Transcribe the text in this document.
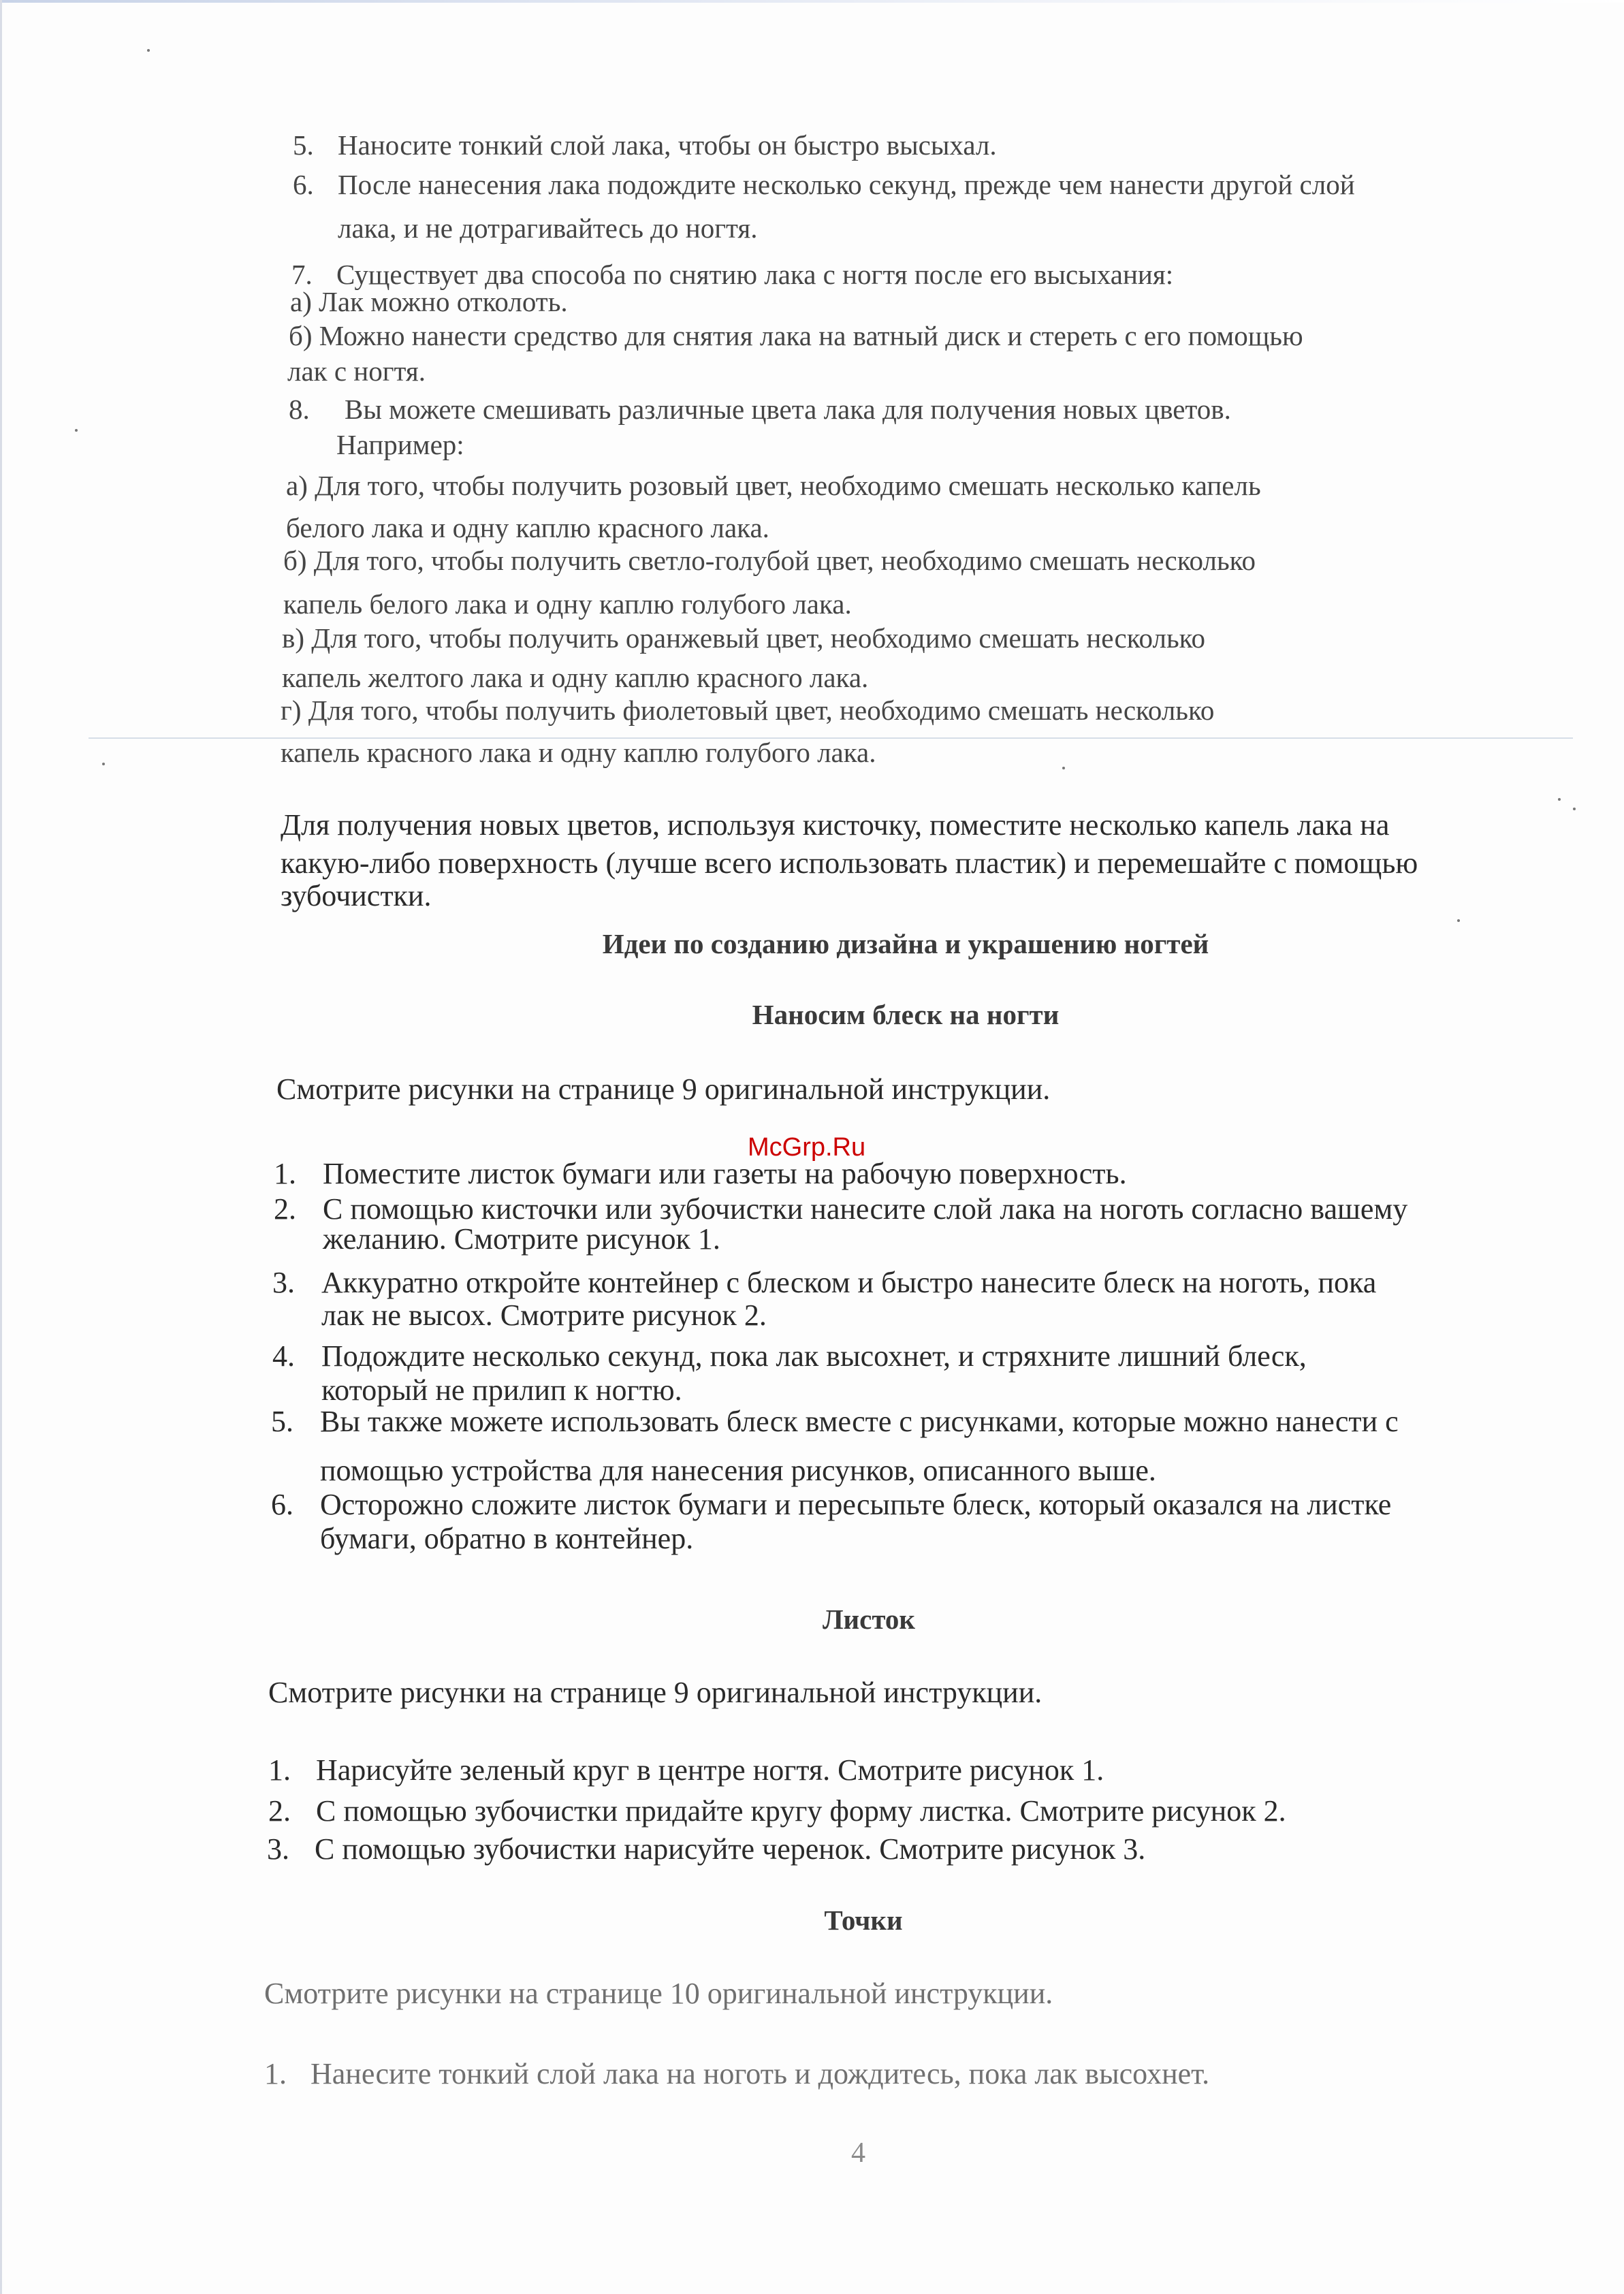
5. Наносите тонкий слой лака, чтобы он быстро высыхал.
6. После нанесения лака подождите несколько секунд, прежде чем нанести другой слой
лака, и не дотрагивайтесь до ногтя.
7. Существует два способа по снятию лака с ногтя после его высыхания:
а) Лак можно отколоть.
б) Можно нанести средство для снятия лака на ватный диск и стереть с его помощью
лак с ногтя.
8. Вы можете смешивать различные цвета лака для получения новых цветов.
Например:
а) Для того, чтобы получить розовый цвет, необходимо смешать несколько капель
белого лака и одну каплю красного лака.
б) Для того, чтобы получить светло-голубой цвет, необходимо смешать несколько
капель белого лака и одну каплю голубого лака.
в) Для того, чтобы получить оранжевый цвет, необходимо смешать несколько
капель желтого лака и одну каплю красного лака.
г) Для того, чтобы получить фиолетовый цвет, необходимо смешать несколько
капель красного лака и одну каплю голубого лака.
Для получения новых цветов, используя кисточку, поместите несколько капель лака на
какую-либо поверхность (лучше всего использовать пластик) и перемешайте с помощью
зубочистки.
Идеи по созданию дизайна и украшению ногтей
Наносим блеск на ногти
Смотрите рисунки на странице 9 оригинальной инструкции.
McGrp.Ru
1. Поместите листок бумаги или газеты на рабочую поверхность.
2. С помощью кисточки или зубочистки нанесите слой лака на ноготь согласно вашему
желанию. Смотрите рисунок 1.
3. Аккуратно откройте контейнер с блеском и быстро нанесите блеск на ноготь, пока
лак не высох. Смотрите рисунок 2.
4. Подождите несколько секунд, пока лак высохнет, и стряхните лишний блеск,
который не прилип к ногтю.
5. Вы также можете использовать блеск вместе с рисунками, которые можно нанести с
помощью устройства для нанесения рисунков, описанного выше.
6. Осторожно сложите листок бумаги и пересыпьте блеск, который оказался на листке
бумаги, обратно в контейнер.
Листок
Смотрите рисунки на странице 9 оригинальной инструкции.
1. Нарисуйте зеленый круг в центре ногтя. Смотрите рисунок 1.
2. С помощью зубочистки придайте кругу форму листка. Смотрите рисунок 2.
3. С помощью зубочистки нарисуйте черенок. Смотрите рисунок 3.
Точки
Смотрите рисунки на странице 10 оригинальной инструкции.
1. Нанесите тонкий слой лака на ноготь и дождитесь, пока лак высохнет.
4
